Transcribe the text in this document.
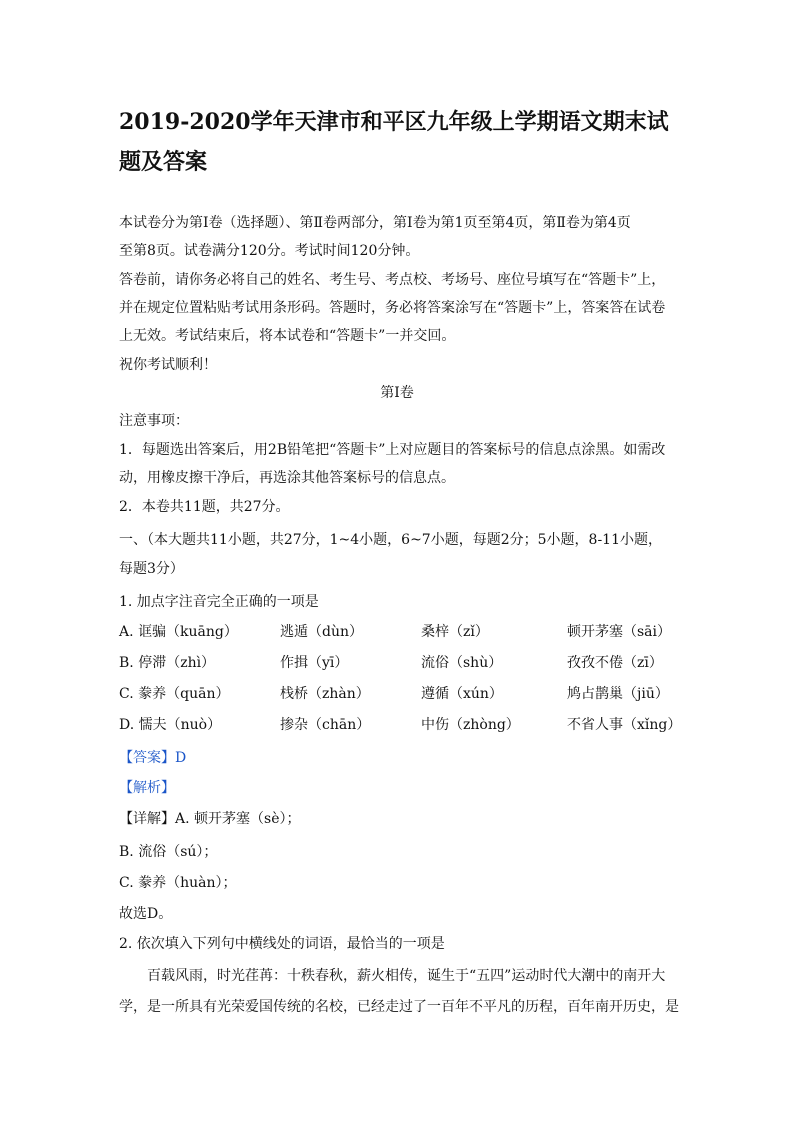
2019-2020学年天津市和平区九年级上学期语文期末试题及答案
本试卷分为第Ⅰ卷（选择题）、第Ⅱ卷两部分，第Ⅰ卷为第1页至第4页，第Ⅱ卷为第4页
至第8页。试卷满分120分。考试时间120分钟。
答卷前，请你务必将自己的姓名、考生号、考点校、考场号、座位号填写在“答题卡”上，
并在规定位置粘贴考试用条形码。答题时，务必将答案涂写在“答题卡”上，答案答在试卷
上无效。考试结束后，将本试卷和“答题卡”一并交回。
祝你考试顺利！
第Ⅰ卷
注意事项：
1．每题选出答案后，用2B铅笔把“答题卡”上对应题目的答案标号的信息点涂黑。如需改
动，用橡皮擦干净后，再选涂其他答案标号的信息点。
2．本卷共11题，共27分。
一、（本大题共11小题，共27分，1~4小题，6~7小题，每题2分；5小题，8-11小题，
每题3分）
1. 加点字注音完全正确的一项是
A. 诓骗（kuāng）	逃遁（dùn）	桑梓（zǐ）	顿开茅塞（sāi）
B. 停滞（zhì）	作揖（yī）	流俗（shù）	孜孜不倦（zī）
C. 豢养（quān）	栈桥（zhàn）	遵循（xún）	鸠占鹊巢（jiū）
D. 懦夫（nuò）	掺杂（chān）	中伤（zhòng）	不省人事（xǐng）
【答案】D
【解析】
【详解】A. 顿开茅塞（sè）；
B. 流俗（sú）；
C. 豢养（huàn）；
故选D。
2. 依次填入下列句中横线处的词语，最恰当的一项是
百载风雨，时光荏苒：十秩春秋，薪火相传，诞生于“五四”运动时代大潮中的南开大
学，是一所具有光荣爱国传统的名校，已经走过了一百年不平凡的历程，百年南开历史，是
